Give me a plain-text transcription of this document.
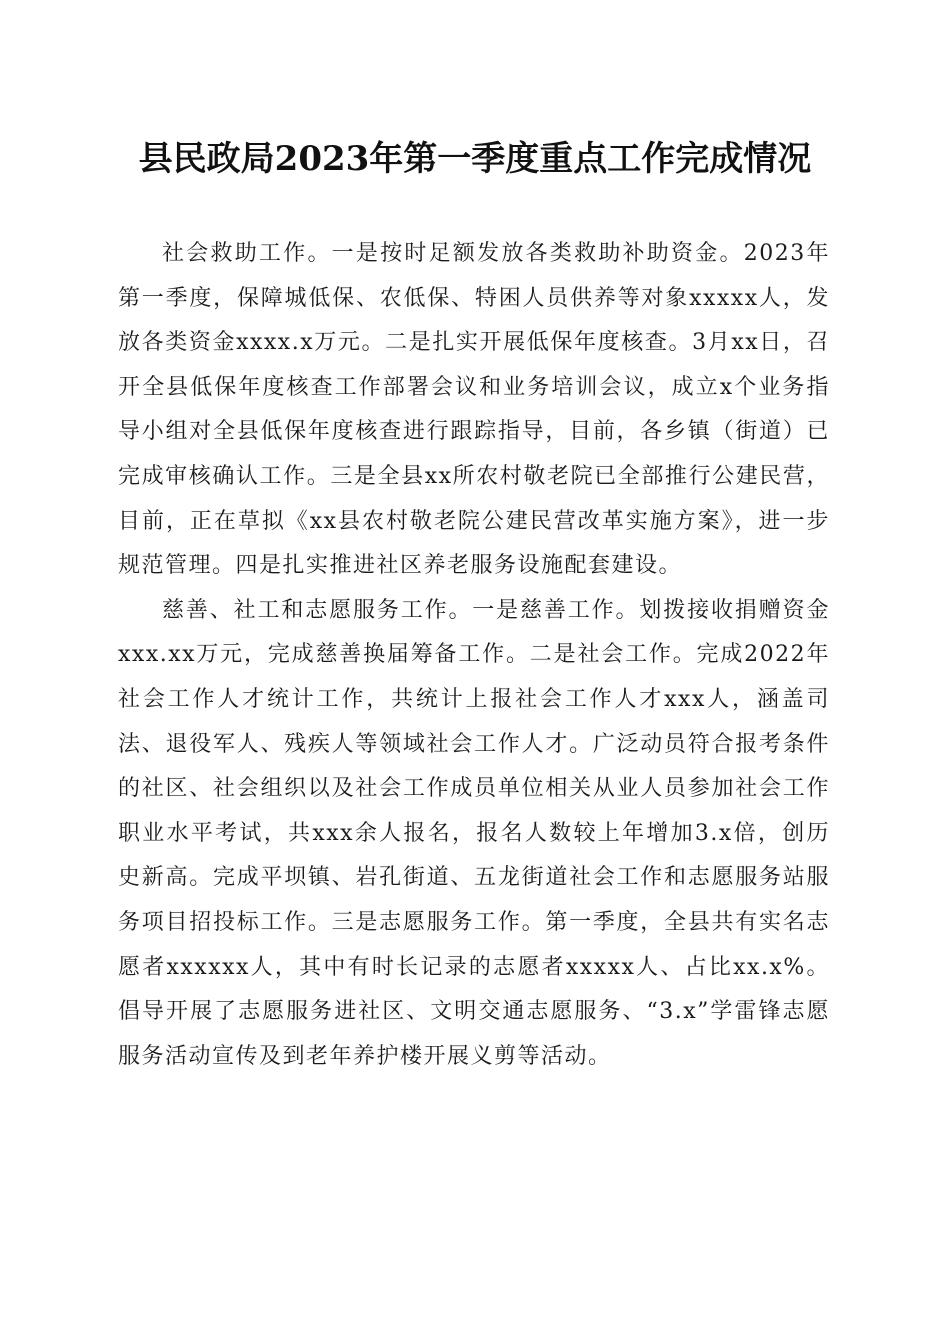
县民政局2023年第一季度重点工作完成情况

社会救助工作。一是按时足额发放各类救助补助资金。2023年第一季度，保障城低保、农低保、特困人员供养等对象xxxxx人，发放各类资金xxxx.x万元。二是扎实开展低保年度核查。3月xx日，召开全县低保年度核查工作部署会议和业务培训会议，成立x个业务指导小组对全县低保年度核查进行跟踪指导，目前，各乡镇（街道）已完成审核确认工作。三是全县xx所农村敬老院已全部推行公建民营，目前，正在草拟《xx县农村敬老院公建民营改革实施方案》，进一步规范管理。四是扎实推进社区养老服务设施配套建设。

慈善、社工和志愿服务工作。一是慈善工作。划拨接收捐赠资金xxx.xx万元，完成慈善换届筹备工作。二是社会工作。完成2022年社会工作人才统计工作，共统计上报社会工作人才xxx人，涵盖司法、退役军人、残疾人等领域社会工作人才。广泛动员符合报考条件的社区、社会组织以及社会工作成员单位相关从业人员参加社会工作职业水平考试，共xxx余人报名，报名人数较上年增加3.x倍，创历史新高。完成平坝镇、岩孔街道、五龙街道社会工作和志愿服务站服务项目招投标工作。三是志愿服务工作。第一季度，全县共有实名志愿者xxxxxx人，其中有时长记录的志愿者xxxxx人、占比xx.x%。倡导开展了志愿服务进社区、文明交通志愿服务、“3.x”学雷锋志愿服务活动宣传及到老年养护楼开展义剪等活动。
